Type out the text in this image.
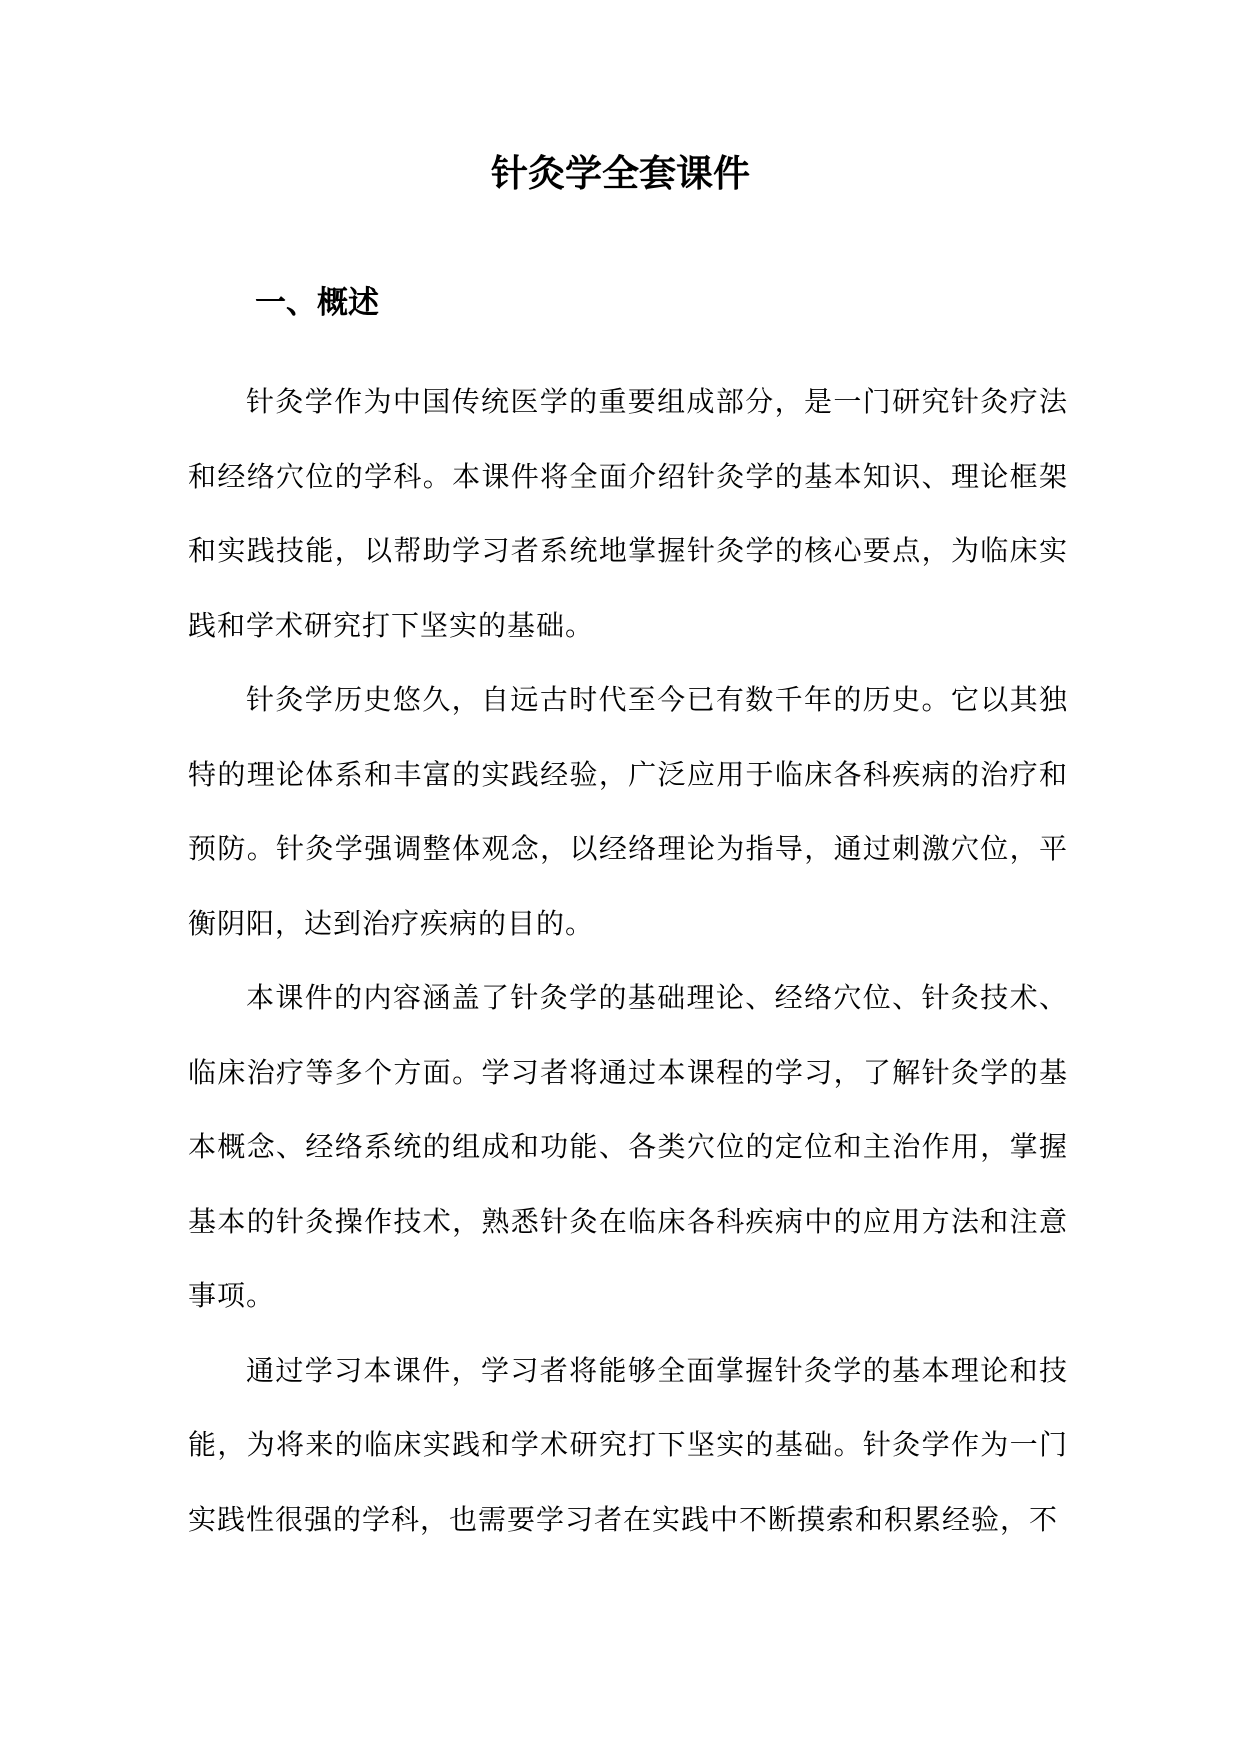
针灸学全套课件
一、概述

针灸学作为中国传统医学的重要组成部分，是一门研究针灸疗法和经络穴位的学科。本课件将全面介绍针灸学的基本知识、理论框架和实践技能，以帮助学习者系统地掌握针灸学的核心要点，为临床实践和学术研究打下坚实的基础。

针灸学历史悠久，自远古时代至今已有数千年的历史。它以其独特的理论体系和丰富的实践经验，广泛应用于临床各科疾病的治疗和预防。针灸学强调整体观念，以经络理论为指导，通过刺激穴位，平衡阴阳，达到治疗疾病的目的。

本课件的内容涵盖了针灸学的基础理论、经络穴位、针灸技术、临床治疗等多个方面。学习者将通过本课程的学习，了解针灸学的基本概念、经络系统的组成和功能、各类穴位的定位和主治作用，掌握基本的针灸操作技术，熟悉针灸在临床各科疾病中的应用方法和注意事项。

通过学习本课件，学习者将能够全面掌握针灸学的基本理论和技能，为将来的临床实践和学术研究打下坚实的基础。针灸学作为一门实践性很强的学科，也需要学习者在实践中不断摸索和积累经验，不
